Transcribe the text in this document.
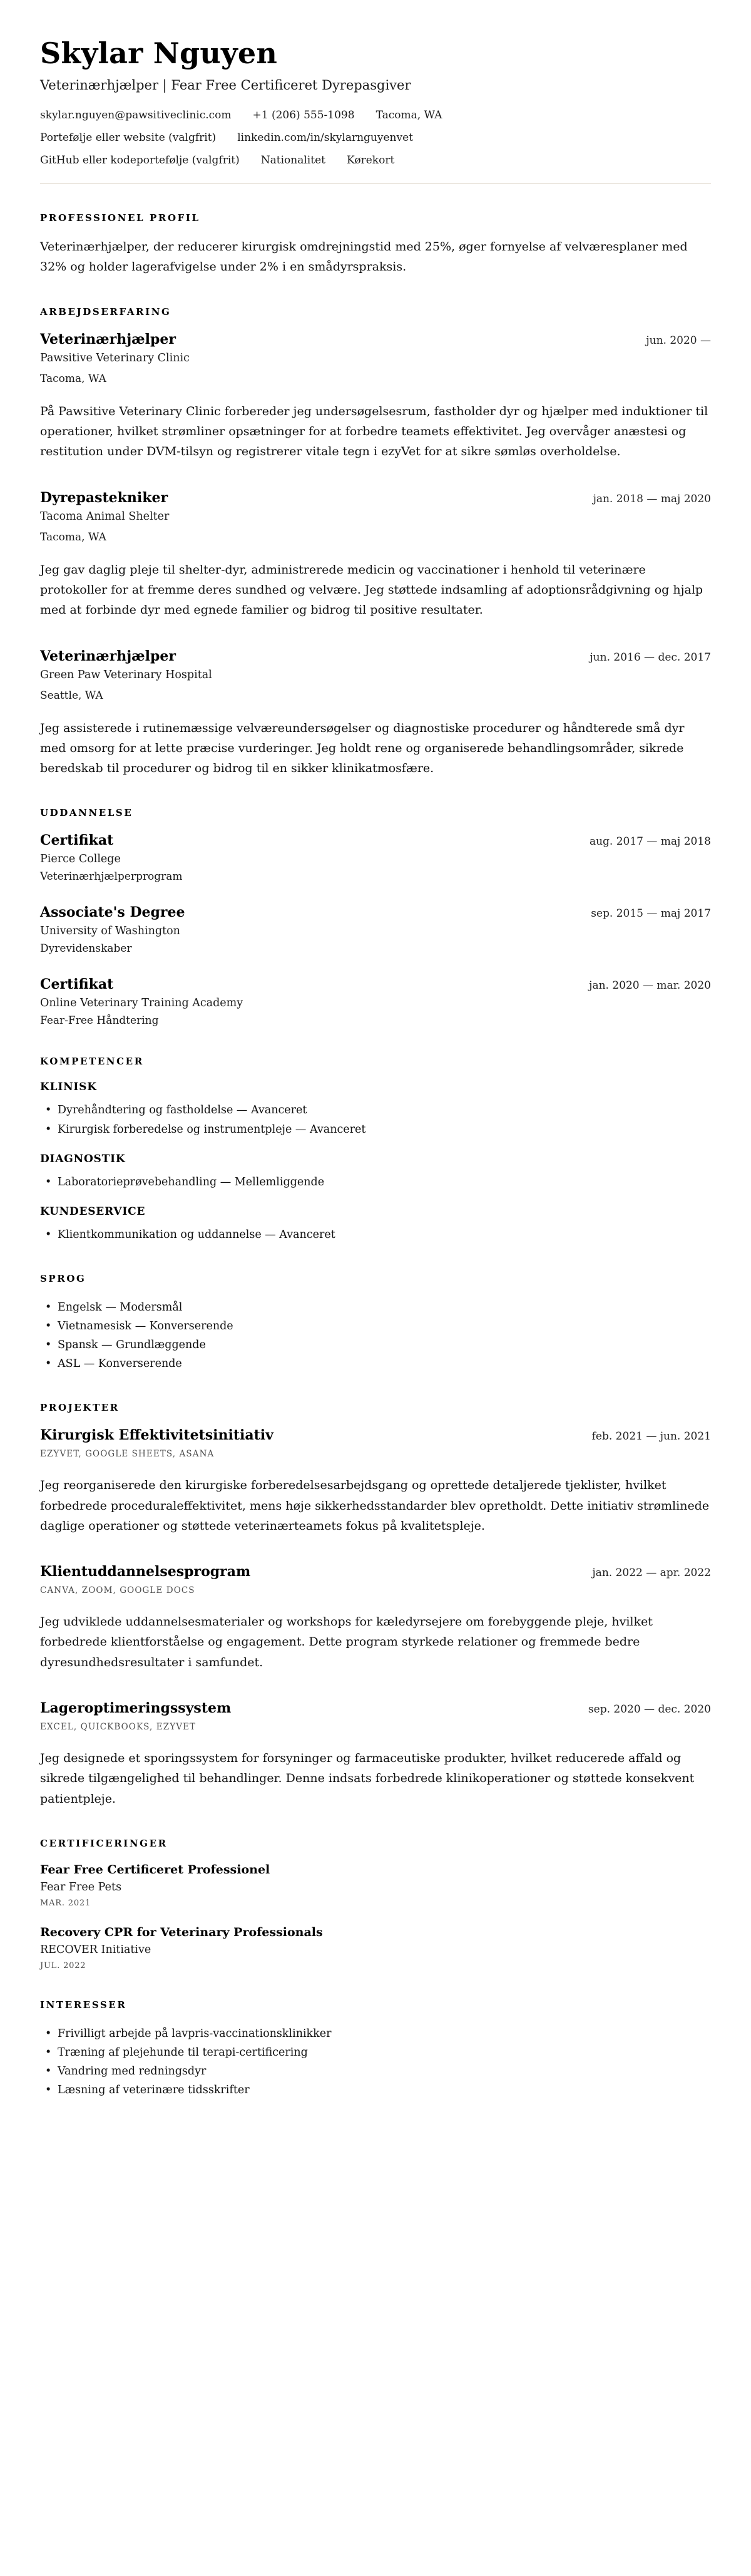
Skylar Nguyen
Veterinærhjælper | Fear Free Certificeret Dyrepasgiver
skylar.nguyen@pawsitiveclinic.com +1 (206) 555-1098 Tacoma, WA
Portefølje eller website (valgfrit) linkedin.com/in/skylarnguyenvet
GitHub eller kodeportefølje (valgfrit) Nationalitet Kørekort
PROFESSIONEL PROFIL

Veterinærhjælper, der reducerer kirurgisk omdrejningstid med 25%, øger fornyelse af velværesplaner med 32% og holder lagerafvigelse under 2% i en smådyrspraksis.

ARBEJDSERFARING
Veterinærhjælper	jun. 2020 —
Pawsitive Veterinary Clinic
Tacoma, WA

På Pawsitive Veterinary Clinic forbereder jeg undersøgelsesrum, fastholder dyr og hjælper med induktioner til operationer, hvilket strømliner opsætninger for at forbedre teamets effektivitet. Jeg overvåger anæstesi og restitution under DVM-tilsyn og registrerer vitale tegn i ezyVet for at sikre sømløs overholdelse.

Dyrepastekniker	jan. 2018 — maj 2020
Tacoma Animal Shelter
Tacoma, WA

Jeg gav daglig pleje til shelter-dyr, administrerede medicin og vaccinationer i henhold til veterinære protokoller for at fremme deres sundhed og velvære. Jeg støttede indsamling af adoptionsrådgivning og hjalp med at forbinde dyr med egnede familier og bidrog til positive resultater.

Veterinærhjælper	jun. 2016 — dec. 2017
Green Paw Veterinary Hospital
Seattle, WA

Jeg assisterede i rutinemæssige velværeundersøgelser og diagnostiske procedurer og håndterede små dyr med omsorg for at lette præcise vurderinger. Jeg holdt rene og organiserede behandlingsområder, sikrede beredskab til procedurer og bidrog til en sikker klinikatmosfære.

UDDANNELSE
Certifikat	aug. 2017 — maj 2018
Pierce College
Veterinærhjælperprogram
Associate's Degree	sep. 2015 — maj 2017
University of Washington
Dyrevidenskaber
Certifikat	jan. 2020 — mar. 2020
Online Veterinary Training Academy
Fear-Free Håndtering
KOMPETENCER
KLINISK
• Dyrehåndtering og fastholdelse — Avanceret
• Kirurgisk forberedelse og instrumentpleje — Avanceret
DIAGNOSTIK
• Laboratorieprøvebehandling — Mellemliggende
KUNDESERVICE
• Klientkommunikation og uddannelse — Avanceret
SPROG
• Engelsk — Modersmål
• Vietnamesisk — Konverserende
• Spansk — Grundlæggende
• ASL — Konverserende
PROJEKTER
Kirurgisk Effektivitetsinitiativ	feb. 2021 — jun. 2021
EZYVET, GOOGLE SHEETS, ASANA

Jeg reorganiserede den kirurgiske forberedelsesarbejdsgang og oprettede detaljerede tjeklister, hvilket forbedrede proceduraleffektivitet, mens høje sikkerhedsstandarder blev opretholdt. Dette initiativ strømlinede daglige operationer og støttede veterinærteamets fokus på kvalitetspleje.

Klientuddannelsesprogram	jan. 2022 — apr. 2022
CANVA, ZOOM, GOOGLE DOCS

Jeg udviklede uddannelsesmaterialer og workshops for kæledyrsejere om forebyggende pleje, hvilket forbedrede klientforståelse og engagement. Dette program styrkede relationer og fremmede bedre dyresundhedsresultater i samfundet.

Lageroptimeringssystem	sep. 2020 — dec. 2020
EXCEL, QUICKBOOKS, EZYVET

Jeg designede et sporingssystem for forsyninger og farmaceutiske produkter, hvilket reducerede affald og sikrede tilgængelighed til behandlinger. Denne indsats forbedrede klinikoperationer og støttede konsekvent patientpleje.

CERTIFICERINGER
Fear Free Certificeret Professionel
Fear Free Pets
MAR. 2021
Recovery CPR for Veterinary Professionals
RECOVER Initiative
JUL. 2022
INTERESSER
• Frivilligt arbejde på lavpris-vaccinationsklinikker
• Træning af plejehunde til terapi-certificering
• Vandring med redningsdyr
• Læsning af veterinære tidsskrifter
